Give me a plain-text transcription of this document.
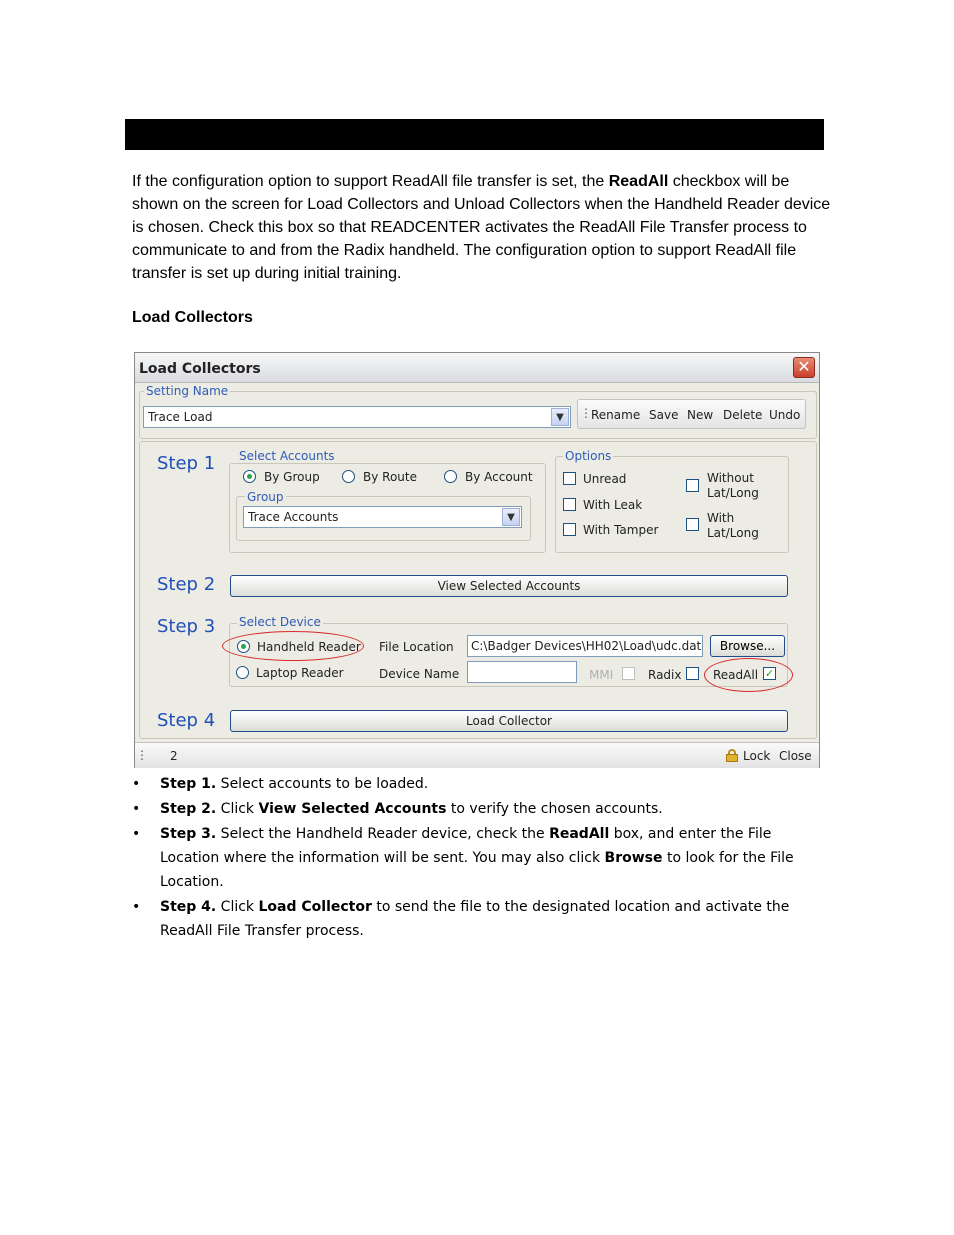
If the configuration option to support ReadAll file transfer is set, the ReadAll checkbox will be shown on the screen for Load Collectors and Unload Collectors when the Handheld Reader device is chosen. Check this box so that READCENTER activates the ReadAll File Transfer process to communicate to and from the Radix handheld. The configuration option to support ReadAll file transfer is set up during initial training.
Load Collectors
Load Collectors	✕
Setting Name
Trace Load	▼	⋮ Rename Save New Delete Undo
Step 1 Select Accounts
By Group	By Route	By Account
Group
Trace Accounts	▼
Options
Unread
With Leak
With Tamper
Without
Lat/Long
With
Lat/Long
Step 2	View Selected Accounts
Step 3 Select Device
Handheld Reader
Laptop Reader
File Location C:\Badger Devices\HH02\Load\udc.dat	Browse...
Device Name	MMI	Radix	ReadAll ✓
Step 4	Load Collector
⋮ 2	Lock Close
• Step 1. Select accounts to be loaded.
• Step 2. Click View Selected Accounts to verify the chosen accounts.
• Step 3. Select the Handheld Reader device, check the ReadAll box, and enter the File Location where the information will be sent. You may also click Browse to look for the File Location.
• Step 4. Click Load Collector to send the file to the designated location and activate the ReadAll File Transfer process.
